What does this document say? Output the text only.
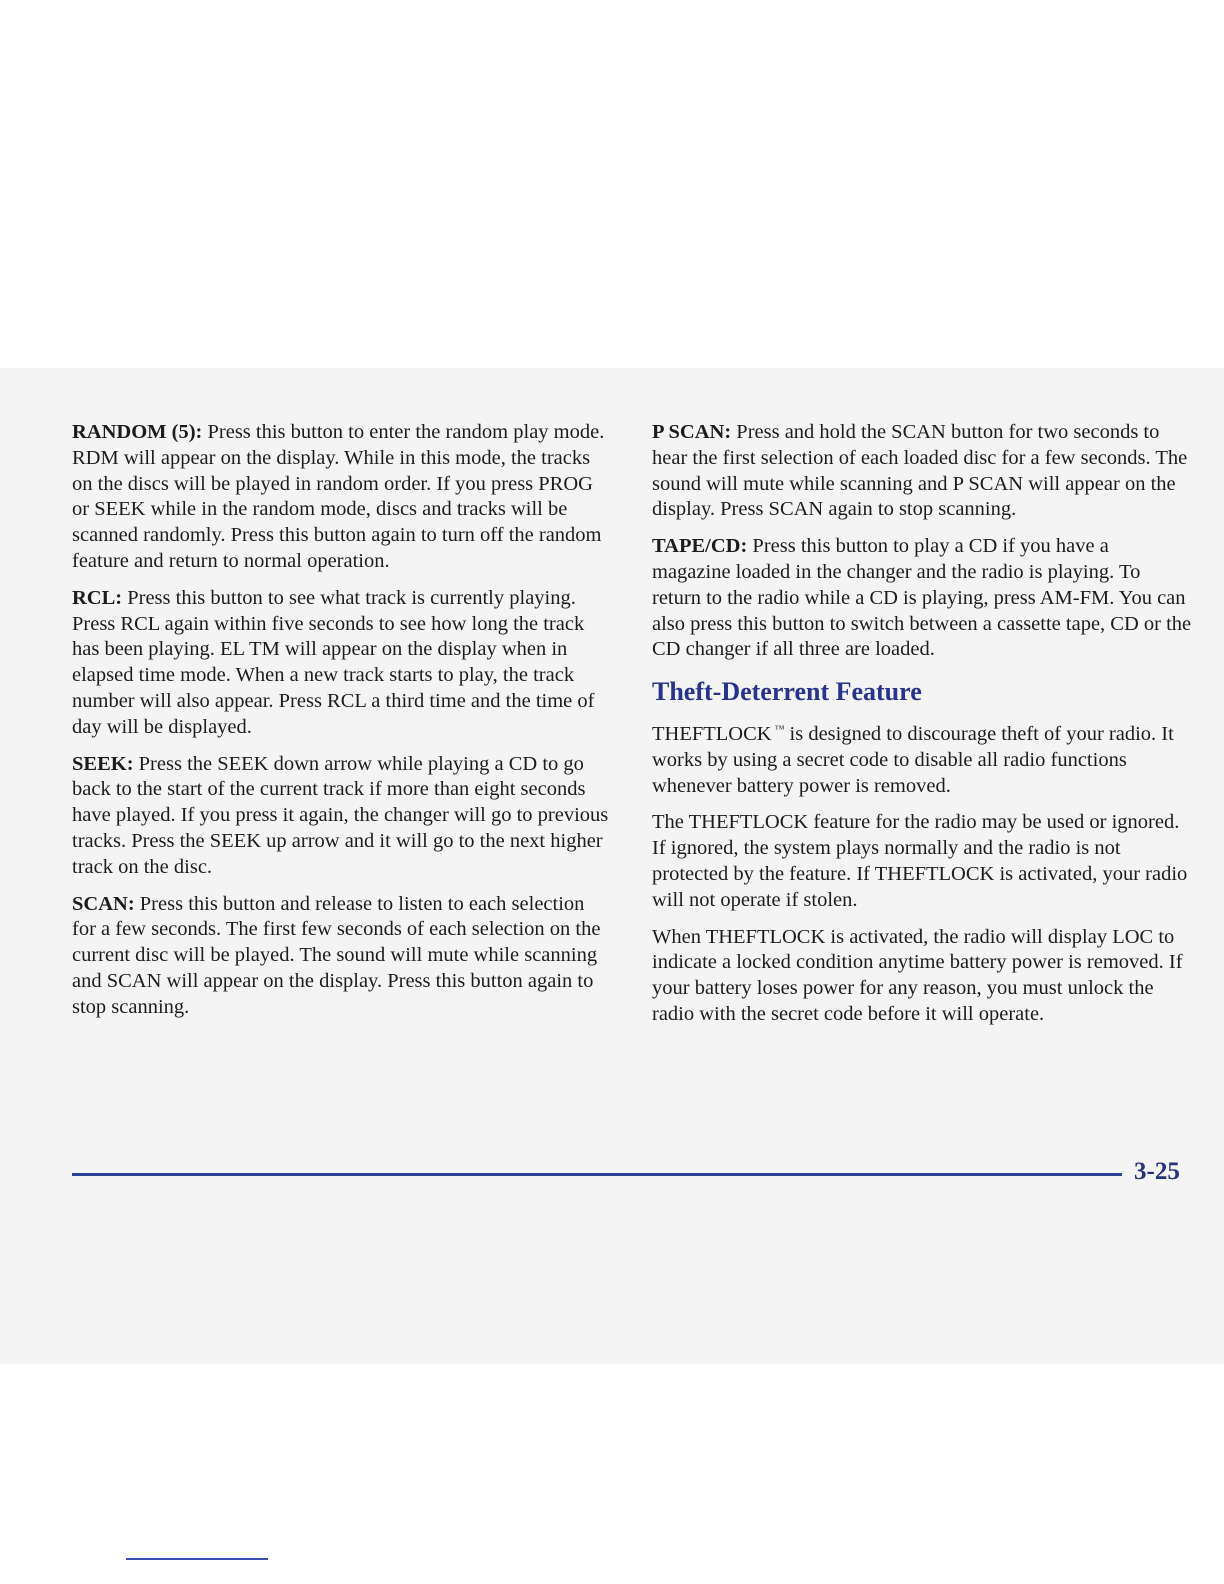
RANDOM (5): Press this button to enter the random play mode. RDM will appear on the display. While in this mode, the tracks on the discs will be played in random order. If you press PROG or SEEK while in the random mode, discs and tracks will be scanned randomly. Press this button again to turn off the random feature and return to normal operation.

RCL: Press this button to see what track is currently playing. Press RCL again within five seconds to see how long the track has been playing. EL TM will appear on the display when in elapsed time mode. When a new track starts to play, the track number will also appear. Press RCL a third time and the time of day will be displayed.

SEEK: Press the SEEK down arrow while playing a CD to go back to the start of the current track if more than eight seconds have played. If you press it again, the changer will go to previous tracks. Press the SEEK up arrow and it will go to the next higher track on the disc.

SCAN: Press this button and release to listen to each selection for a few seconds. The first few seconds of each selection on the current disc will be played. The sound will mute while scanning and SCAN will appear on the display. Press this button again to stop scanning.

P SCAN: Press and hold the SCAN button for two seconds to hear the first selection of each loaded disc for a few seconds. The sound will mute while scanning and P SCAN will appear on the display. Press SCAN again to stop scanning.

TAPE/CD: Press this button to play a CD if you have a magazine loaded in the changer and the radio is playing. To return to the radio while a CD is playing, press AM-FM. You can also press this button to switch between a cassette tape, CD or the CD changer if all three are loaded.

Theft-Deterrent Feature

THEFTLOCK ™ is designed to discourage theft of your radio. It works by using a secret code to disable all radio functions whenever battery power is removed.

The THEFTLOCK feature for the radio may be used or ignored. If ignored, the system plays normally and the radio is not protected by the feature. If THEFTLOCK is activated, your radio will not operate if stolen.

When THEFTLOCK is activated, the radio will display LOC to indicate a locked condition anytime battery power is removed. If your battery loses power for any reason, you must unlock the radio with the secret code before it will operate.

3-25
